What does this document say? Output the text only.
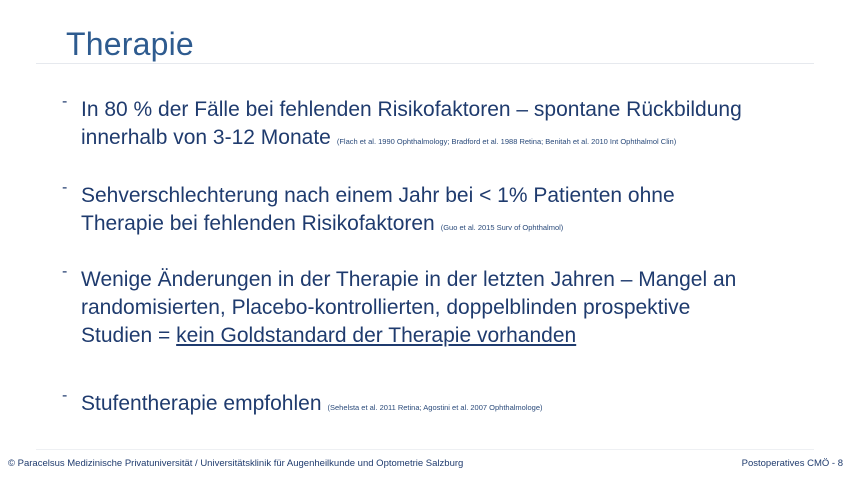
Therapie
- In 80 % der Fälle bei fehlenden Risikofaktoren – spontane Rückbildung
innerhalb von 3-12 Monate (Flach et al. 1990 Ophthalmology; Bradford et al. 1988 Retina; Benitah et al. 2010 Int Ophthalmol Clin)
- Sehverschlechterung nach einem Jahr bei < 1% Patienten ohne
Therapie bei fehlenden Risikofaktoren (Guo et al. 2015 Surv of Ophthalmol)
- Wenige Änderungen in der Therapie in der letzten Jahren – Mangel an
randomisierten, Placebo-kontrollierten, doppelblinden prospektive
Studien = kein Goldstandard der Therapie vorhanden
- Stufentherapie empfohlen (Sehelsta et al. 2011 Retina; Agostini et al. 2007 Ophthalmologe)
© Paracelsus Medizinische Privatuniversität / Universitätsklinik für Augenheilkunde und Optometrie Salzburg	Postoperatives CMÖ - 8
